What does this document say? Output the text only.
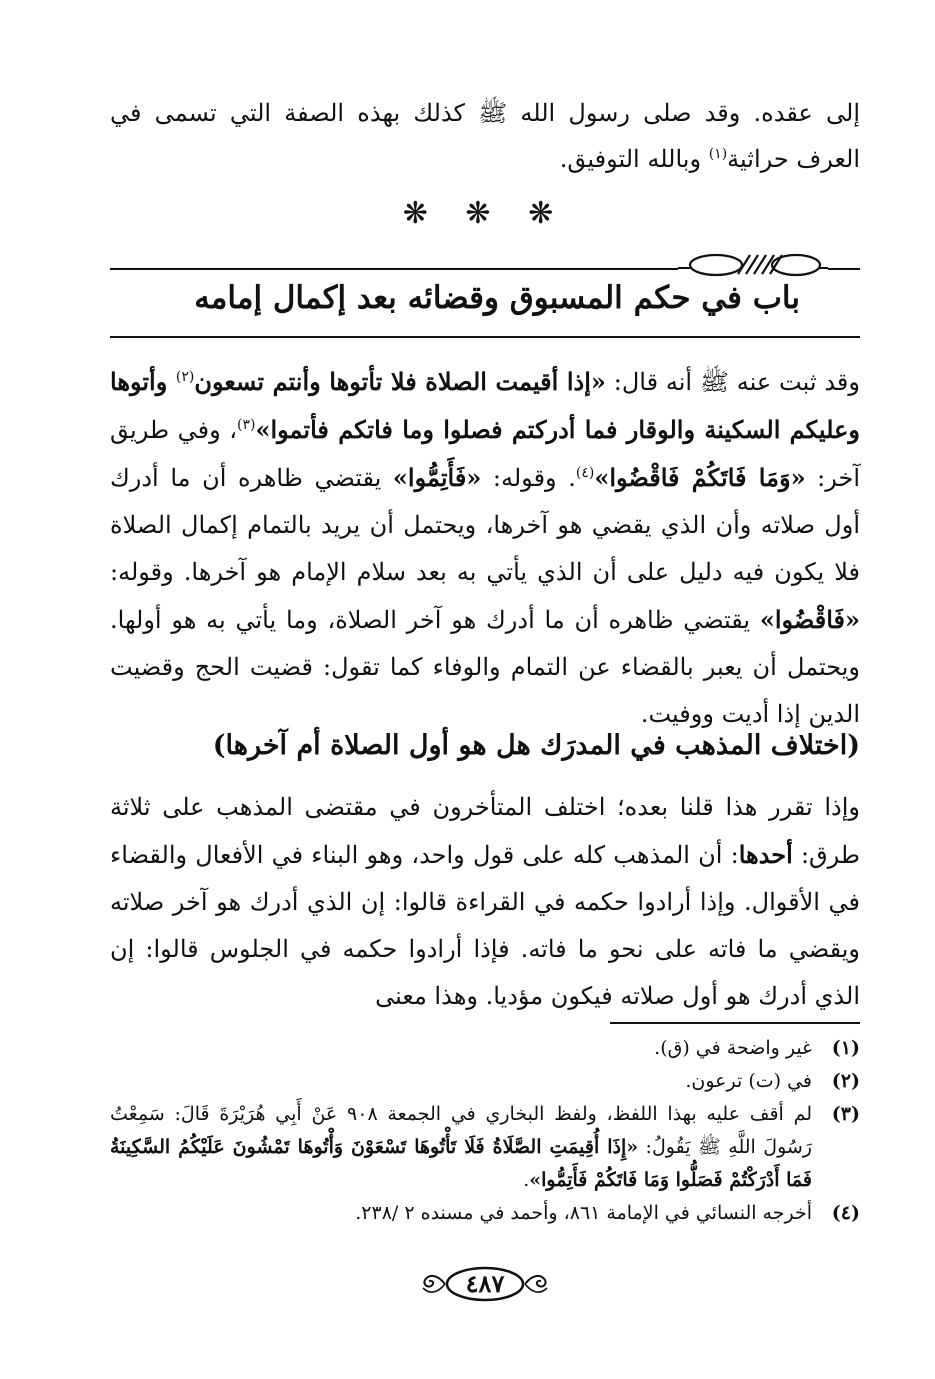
إلى عقده. وقد صلى رسول الله ﷺ كذلك بهذه الصفة التي تسمى في العرف حراثية$^{(١)}$ وبالله التوفيق.

❋ ❋ ❋
باب في حكم المسبوق وقضائه بعد إكمال إمامه

وقد ثبت عنه ﷺ أنه قال: «إذا أقيمت الصلاة فلا تأتوها وأنتم تسعون$^{(٢)}$ وأتوها وعليكم السكينة والوقار فما أدركتم فصلوا وما فاتكم فأتموا»$^{(٣)}$، وفي طريق آخر: «وَمَا فَاتَكُمْ فَاقْضُوا»$^{(٤)}$. وقوله: «فَأَتِمُّوا» يقتضي ظاهره أن ما أدرك أول صلاته وأن الذي يقضي هو آخرها، ويحتمل أن يريد بالتمام إكمال الصلاة فلا يكون فيه دليل على أن الذي يأتي به بعد سلام الإمام هو آخرها. وقوله: «فَاقْضُوا» يقتضي ظاهره أن ما أدرك هو آخر الصلاة، وما يأتي به هو أولها. ويحتمل أن يعبر بالقضاء عن التمام والوفاء كما تقول: قضيت الحج وقضيت الدين إذا أديت ووفيت.

(اختلاف المذهب في المدرَك هل هو أول الصلاة أم آخرها)

وإذا تقرر هذا قلنا بعده؛ اختلف المتأخرون في مقتضى المذهب على ثلاثة طرق: أحدها: أن المذهب كله على قول واحد، وهو البناء في الأفعال والقضاء في الأقوال. وإذا أرادوا حكمه في القراءة قالوا: إن الذي أدرك هو آخر صلاته ويقضي ما فاته على نحو ما فاته. فإذا أرادوا حكمه في الجلوس قالوا: إن الذي أدرك هو أول صلاته فيكون مؤديا. وهذا معنى

(١)
غير واضحة في (ق).
(٢)
في (ت) ترعون.
(٣)
لم أقف عليه بهذا اللفظ، ولفظ البخاري في الجمعة ٩٠٨ عَنْ أَبِي هُرَيْرَةَ قَالَ: سَمِعْتُ رَسُولَ اللَّهِ ﷺ يَقُولُ: «إِذَا أُقِيمَتِ الصَّلَاةُ فَلَا تَأْتُوهَا تَسْعَوْنَ وَأْتُوهَا تَمْشُونَ عَلَيْكُمُ السَّكِينَةُ فَمَا أَدْرَكْتُمْ فَصَلُّوا وَمَا فَاتَكُمْ فَأَتِمُّوا».
(٤)
أخرجه النسائي في الإمامة ٨٦١، وأحمد في مسنده ٢ /٢٣٨.
٤٨٧
